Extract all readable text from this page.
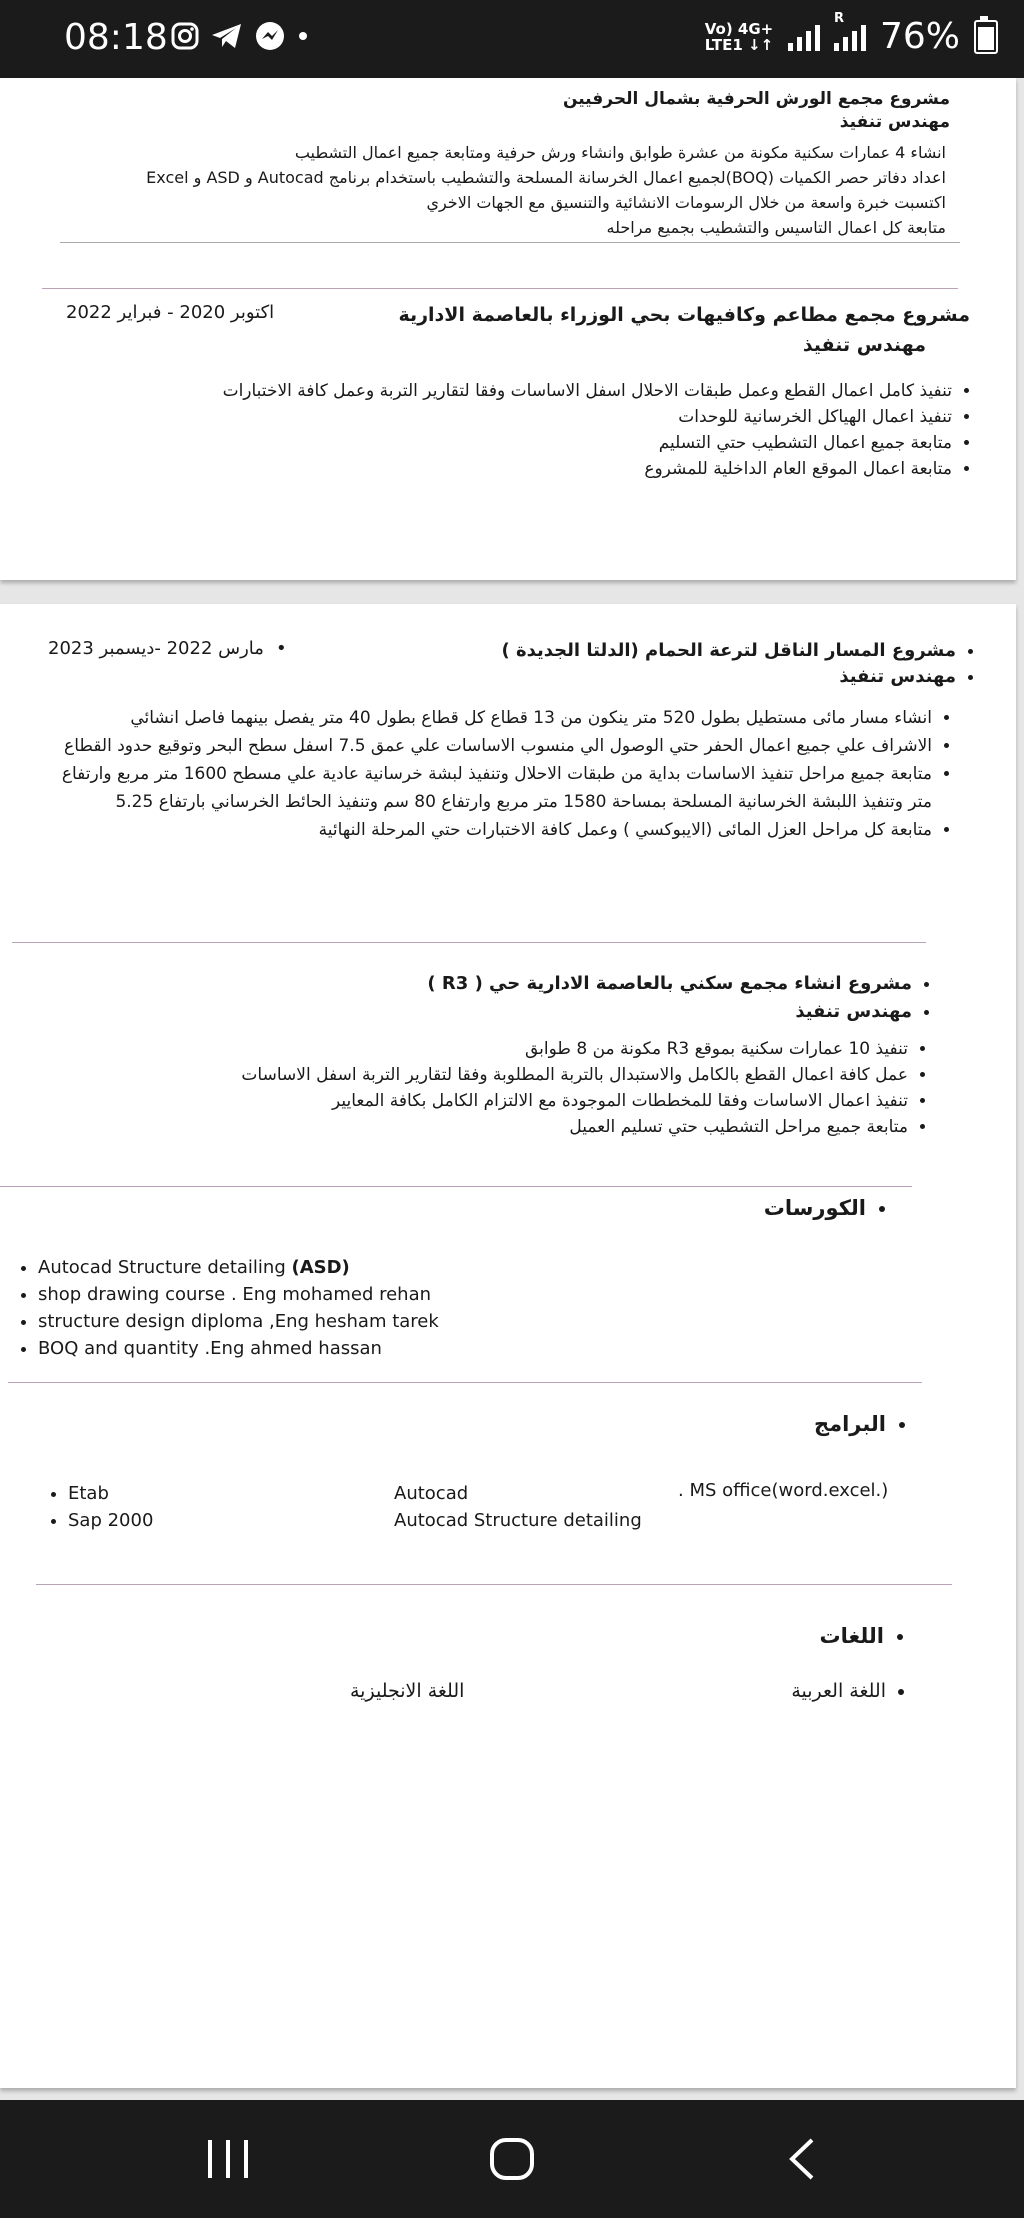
08:18	Vo) 4G+ LTE1 ↓↑
R 76%
مشروع مجمع الورش الحرفية بشمال الحرفيين
مهندس تنفيذ
انشاء 4 عمارات سكنية مكونة من عشرة طوابق وانشاء ورش حرفية ومتابعة جميع اعمال التشطيب
اعداد دفاتر حصر الكميات (BOQ)لجميع اعمال الخرسانة المسلحة والتشطيب باستخدام برنامج Autocad و ASD و Excel
اكتسبت خبرة واسعة من خلال الرسومات الانشائية والتنسيق مع الجهات الاخري
متابعة كل اعمال التاسيس والتشطيب بجميع مراحله
مشروع مجمع مطاعم وكافيهات بحي الوزراء بالعاصمة الادارية
اكتوبر 2020 - فبراير 2022
مهندس تنفيذ
• تنفيذ كامل اعمال القطع وعمل طبقات الاحلال اسفل الاساسات وفقا لتقارير التربة وعمل كافة الاختبارات
• تنفيذ اعمال الهياكل الخرسانية للوحدات
• متابعة جميع اعمال التشطيب حتي التسليم
• متابعة اعمال الموقع العام الداخلية للمشروع
• مشروع المسار الناقل لترعة الحمام (الدلتا الجديدة )
• مهندس تنفيذ
•
مارس 2022 -ديسمبر 2023
• انشاء مسار مائى مستطيل بطول 520 متر ينكون من 13 قطاع كل قطاع بطول 40 متر يفصل بينهما فاصل انشائي
• الاشراف علي جميع اعمال الحفر حتي الوصول الي منسوب الاساسات علي عمق 7.5 اسفل سطح البحر وتوقيع حدود القطاع
• متابعة جميع مراحل تنفيذ الاساسات بداية من طبقات الاحلال وتنفيذ لبشة خرسانية عادية علي مسطح 1600 متر مربع وارتفاع متر وتنفيذ اللبشة الخرسانية المسلحة بمساحة 1580 متر مربع وارتفاع 80 سم وتنفيذ الحائط الخرساني بارتفاع 5.25
• متابعة كل مراحل العزل المائى (الايبوكسي ) وعمل كافة الاختبارات حتي المرحلة النهائية
• مشروع انشاء مجمع سكني بالعاصمة الادارية حي ( R3 )
• مهندس تنفيذ
• تنفيذ 10 عمارات سكنية بموقع R3 مكونة من 8 طوابق
• عمل كافة اعمال القطع بالكامل والاستبدال بالتربة المطلوبة وفقا لتقارير التربة اسفل الاساسات
• تنفيذ اعمال الاساسات وفقا للمخططات الموجودة مع الالتزام الكامل بكافة المعايير
• متابعة جميع مراحل التشطيب حتي تسليم العميل
• الكورسات
• Autocad Structure detailing (ASD)
• shop drawing course . Eng mohamed rehan
• structure design diploma ,Eng hesham tarek
• BOQ and quantity .Eng ahmed hassan
• البرامج
• Etab
• Sap 2000
Autocad
Autocad Structure detailing
. MS office(word.excel.)
• اللغات
• اللغة العربية
اللغة الانجليزية
